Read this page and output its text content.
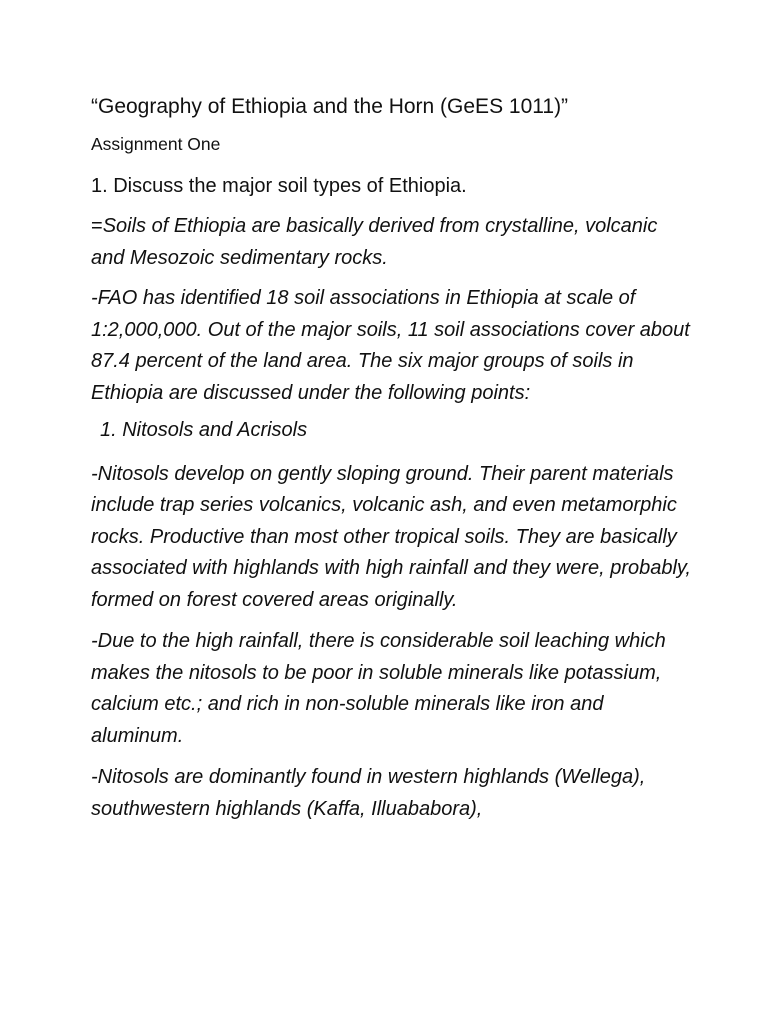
“Geography of Ethiopia and the Horn (GeES 1011)”
Assignment One

1. Discuss the major soil types of Ethiopia.

=Soils of Ethiopia are basically derived from crystalline, volcanic and Mesozoic sedimentary rocks.

-FAO has identified 18 soil associations in Ethiopia at scale of 1:2,000,000. Out of the major soils, 11 soil associations cover about 87.4 percent of the land area. The six major groups of soils in Ethiopia are discussed under the following points:

1. Nitosols and Acrisols

-Nitosols develop on gently sloping ground. Their parent materials include trap series volcanics, volcanic ash, and even metamorphic rocks. Productive than most other tropical soils. They are basically associated with highlands with high rainfall and they were, probably, formed on forest covered areas originally.

-Due to the high rainfall, there is considerable soil leaching which makes the nitosols to be poor in soluble minerals like potassium, calcium etc.; and rich in non-soluble minerals like iron and aluminum.

-Nitosols are dominantly found in western highlands (Wellega), southwestern highlands (Kaffa, Illuababora),
